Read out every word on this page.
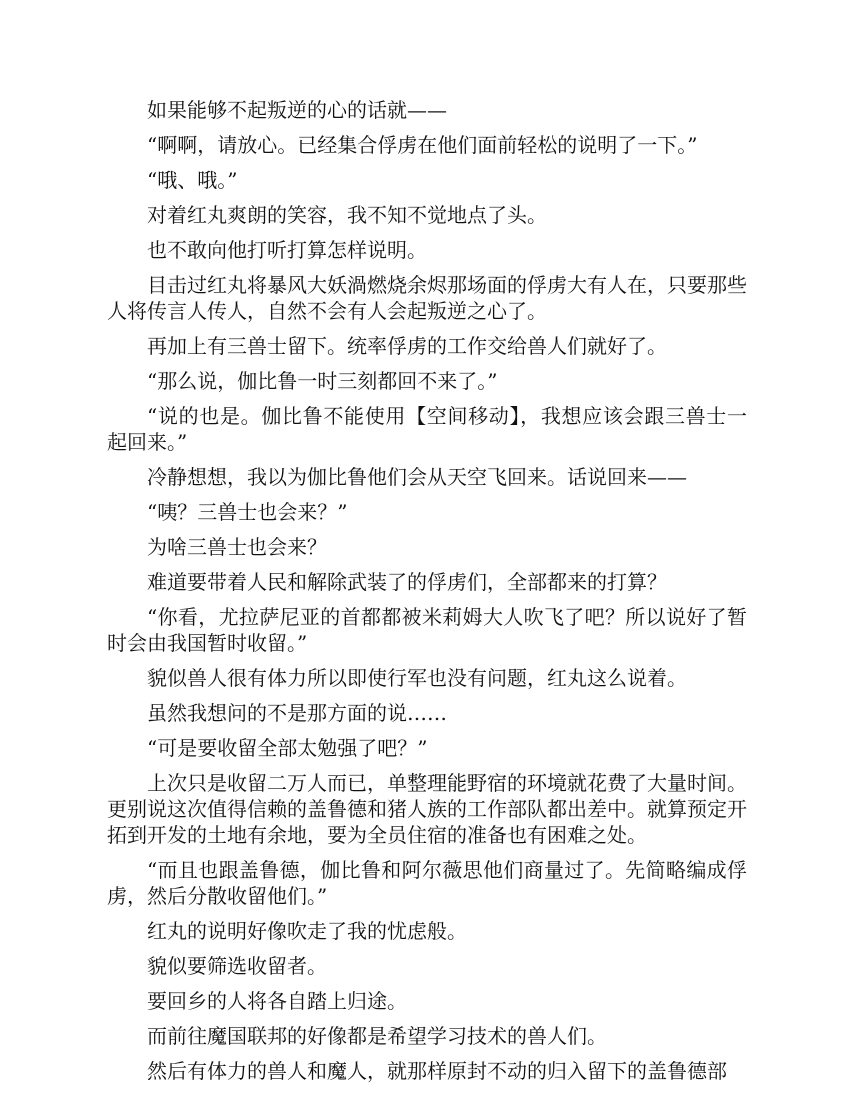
如果能够不起叛逆的心的话就——

“啊啊，请放心。已经集合俘虏在他们面前轻松的说明了一下。”

“哦、哦。”

对着红丸爽朗的笑容，我不知不觉地点了头。

也不敢向他打听打算怎样说明。

目击过红丸将暴风大妖渦燃烧余烬那场面的俘虏大有人在，只要那些人将传言人传人，自然不会有人会起叛逆之心了。

再加上有三兽士留下。统率俘虏的工作交给兽人们就好了。

“那么说，伽比鲁一时三刻都回不来了。”

“说的也是。伽比鲁不能使用【空间移动】，我想应该会跟三兽士一起回来。”

冷静想想，我以为伽比鲁他们会从天空飞回来。话说回来——

“咦？三兽士也会来？”

为啥三兽士也会来？

难道要带着人民和解除武装了的俘虏们，全部都来的打算？

“你看，尤拉萨尼亚的首都都被米莉姆大人吹飞了吧？所以说好了暂时会由我国暂时收留。”

貌似兽人很有体力所以即使行军也没有问题，红丸这么说着。

虽然我想问的不是那方面的说……

“可是要收留全部太勉强了吧？”

上次只是收留二万人而已，单整理能野宿的环境就花费了大量时间。更别说这次值得信赖的盖鲁德和猪人族的工作部队都出差中。就算预定开拓到开发的土地有余地，要为全员住宿的准备也有困难之处。

“而且也跟盖鲁德，伽比鲁和阿尔薇思他们商量过了。先简略编成俘虏，然后分散收留他们。”

红丸的说明好像吹走了我的忧虑般。

貌似要筛选收留者。

要回乡的人将各自踏上归途。

而前往魔国联邦的好像都是希望学习技术的兽人们。

然后有体力的兽人和魔人，就那样原封不动的归入留下的盖鲁德部
